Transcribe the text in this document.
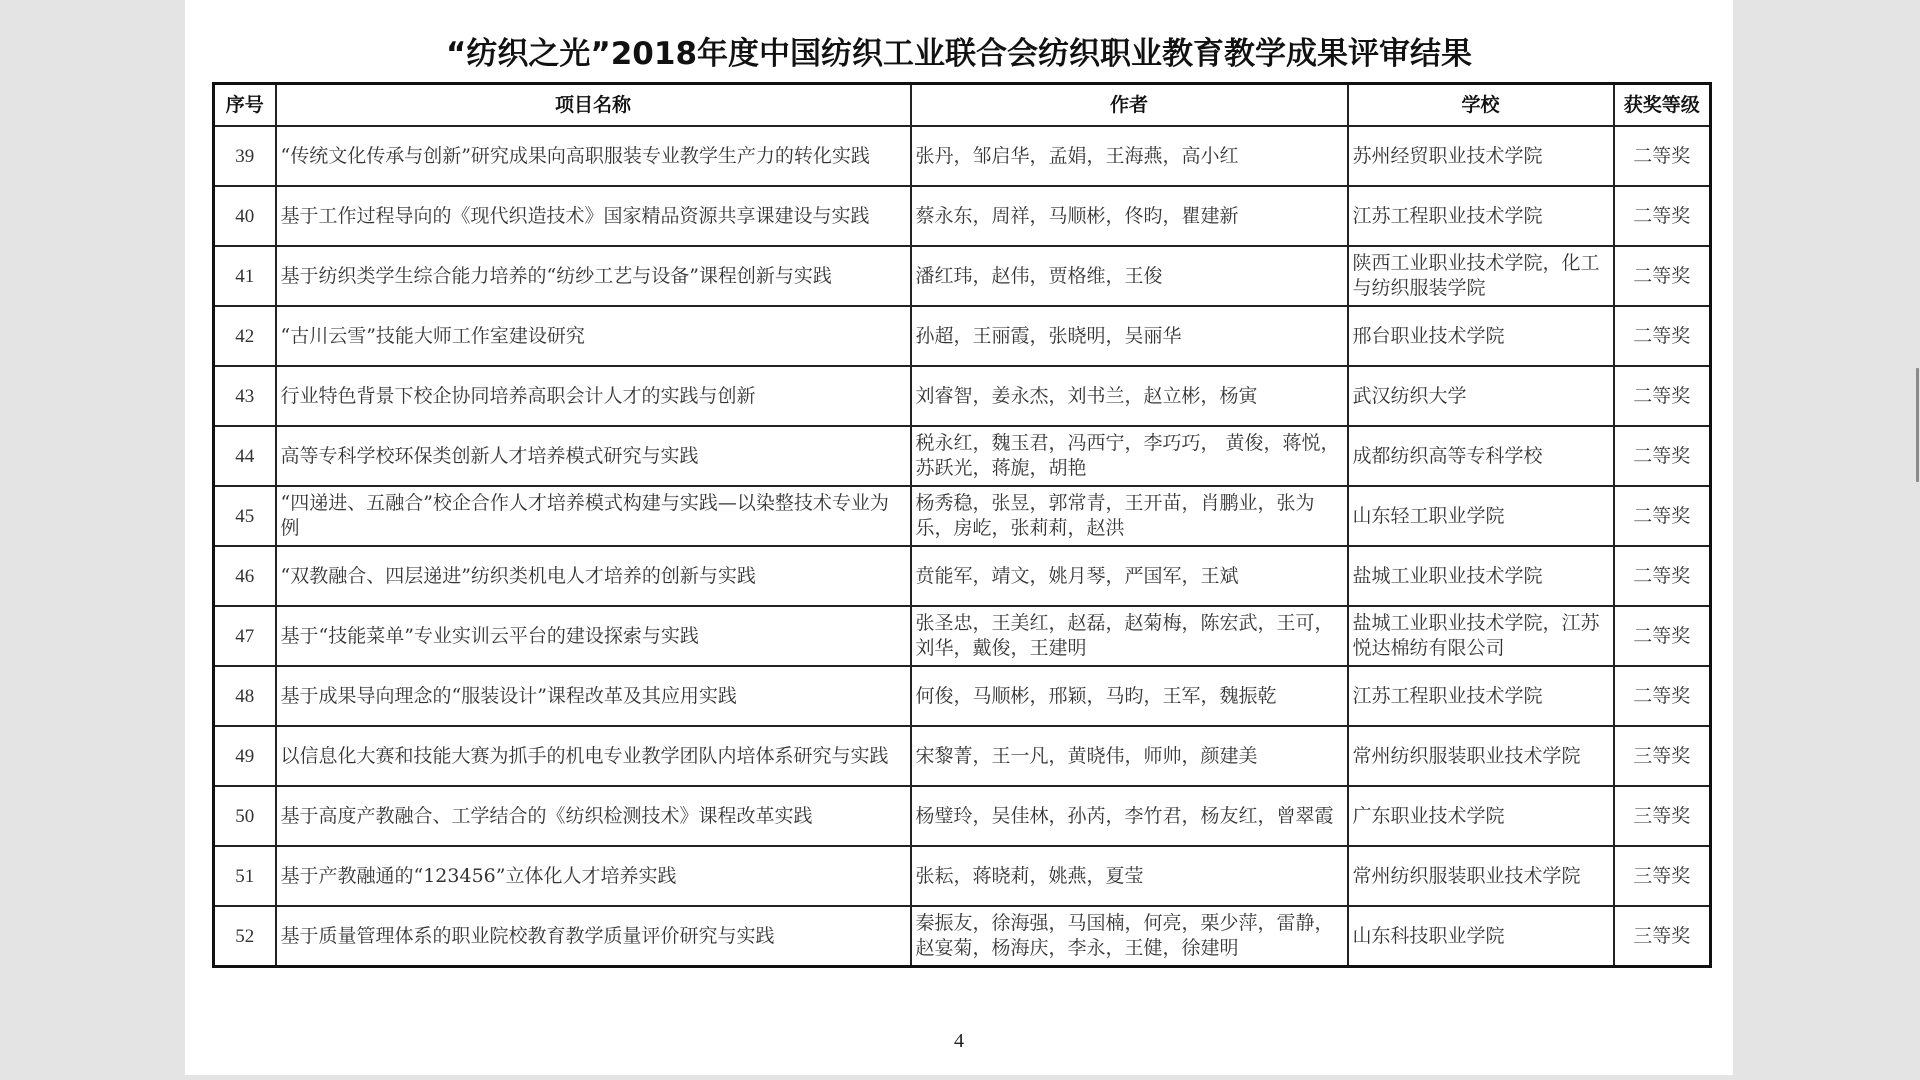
“纺织之光”2018年度中国纺织工业联合会纺织职业教育教学成果评审结果
序号	项目名称	作者	学校	获奖等级
39	“传统文化传承与创新”研究成果向高职服装专业教学生产力的转化实践	张丹，邹启华，孟娟，王海燕，高小红	苏州经贸职业技术学院	二等奖
40	基于工作过程导向的《现代织造技术》国家精品资源共享课建设与实践	蔡永东，周祥，马顺彬，佟昀，瞿建新	江苏工程职业技术学院	二等奖
41	基于纺织类学生综合能力培养的“纺纱工艺与设备”课程创新与实践	潘红玮，赵伟，贾格维，王俊	陕西工业职业技术学院，化工与纺织服装学院	二等奖
42	“古川云雪”技能大师工作室建设研究	孙超，王丽霞，张晓明，吴丽华	邢台职业技术学院	二等奖
43	行业特色背景下校企协同培养高职会计人才的实践与创新	刘睿智，姜永杰，刘书兰，赵立彬，杨寅	武汉纺织大学	二等奖
44	高等专科学校环保类创新人才培养模式研究与实践	税永红，魏玉君，冯西宁，李巧巧， 黄俊，蒋悦，苏跃光，蒋旎，胡艳	成都纺织高等专科学校	二等奖
45	“四递进、五融合”校企合作人才培养模式构建与实践—以染整技术专业为例	杨秀稳，张昱，郭常青，王开苗，肖鹏业，张为乐，房屹，张莉莉，赵洪	山东轻工职业学院	二等奖
46	“双教融合、四层递进”纺织类机电人才培养的创新与实践	贲能军，靖文，姚月琴，严国军，王斌	盐城工业职业技术学院	二等奖
47	基于“技能菜单”专业实训云平台的建设探索与实践	张圣忠，王美红，赵磊，赵菊梅，陈宏武，王可，刘华，戴俊，王建明	盐城工业职业技术学院，江苏悦达棉纺有限公司	二等奖
48	基于成果导向理念的“服装设计”课程改革及其应用实践	何俊，马顺彬，邢颖，马昀，王军，魏振乾	江苏工程职业技术学院	二等奖
49	以信息化大赛和技能大赛为抓手的机电专业教学团队内培体系研究与实践	宋黎菁，王一凡，黄晓伟，师帅，颜建美	常州纺织服装职业技术学院	三等奖
50	基于高度产教融合、工学结合的《纺织检测技术》课程改革实践	杨璧玲，吴佳林，孙芮，李竹君，杨友红，曾翠霞	广东职业技术学院	三等奖
51	基于产教融通的“123456”立体化人才培养实践	张耘，蒋晓莉，姚燕，夏莹	常州纺织服装职业技术学院	三等奖
52	基于质量管理体系的职业院校教育教学质量评价研究与实践	秦振友，徐海强，马国楠，何亮，栗少萍，雷静，赵宴菊，杨海庆，李永，王健，徐建明	山东科技职业学院	三等奖
4
